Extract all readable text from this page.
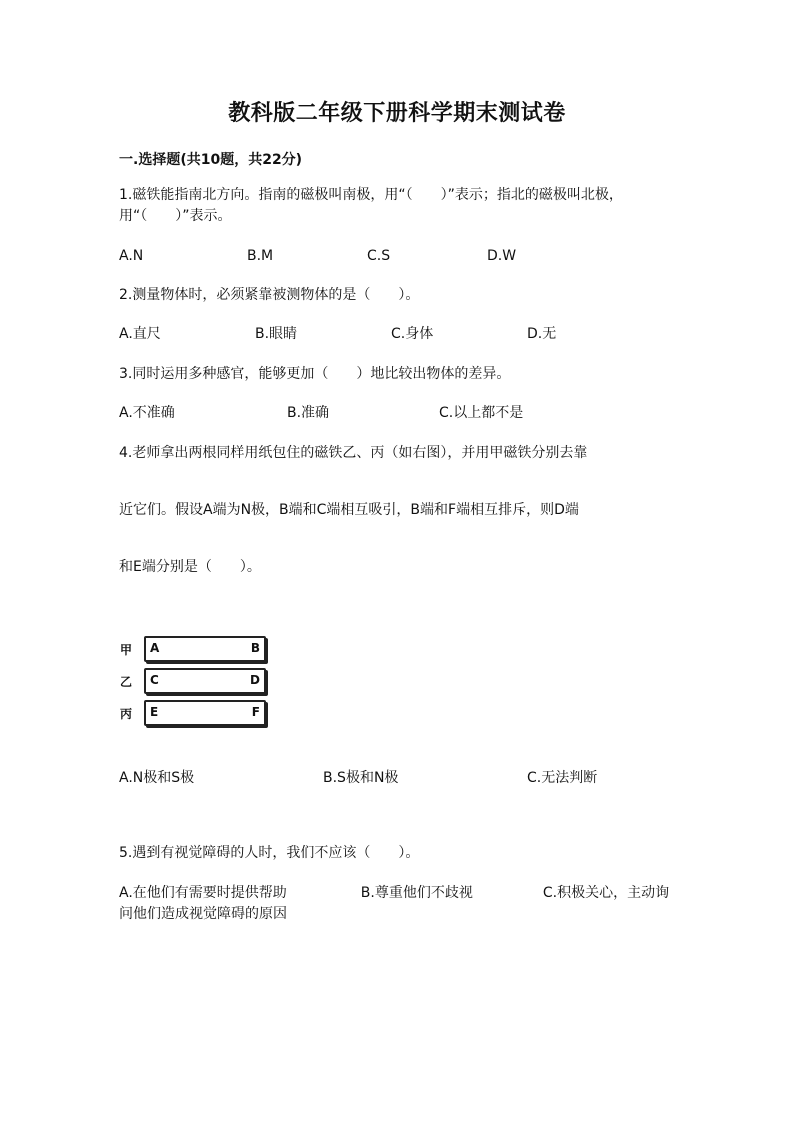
教科版二年级下册科学期末测试卷
一.选择题(共10题，共22分)
1.磁铁能指南北方向。指南的磁极叫南极，用“（　　）”表示；指北的磁极叫北极，用“（　　）”表示。
A.N	B.M	C.S	D.W
2.测量物体时，必须紧靠被测物体的是（　　）。
A.直尺	B.眼睛	C.身体	D.无
3.同时运用多种感官，能够更加（　　）地比较出物体的差异。
A.不准确	B.准确	C.以上都不是
4.老师拿出两根同样用纸包住的磁铁乙、丙（如右图），并用甲磁铁分别去靠
近它们。假设A端为N极，B端和C端相互吸引，B端和F端相互排斥，则D端
和E端分别是（　　）。
甲 A	B
乙 C	D
丙 E	F
A.N极和S极	B.S极和N极	C.无法判断
5.遇到有视觉障碍的人时，我们不应该（　　）。
A.在他们有需要时提供帮助	B.尊重他们不歧视	C.积极关心，主动询问他们造成视觉障碍的原因
